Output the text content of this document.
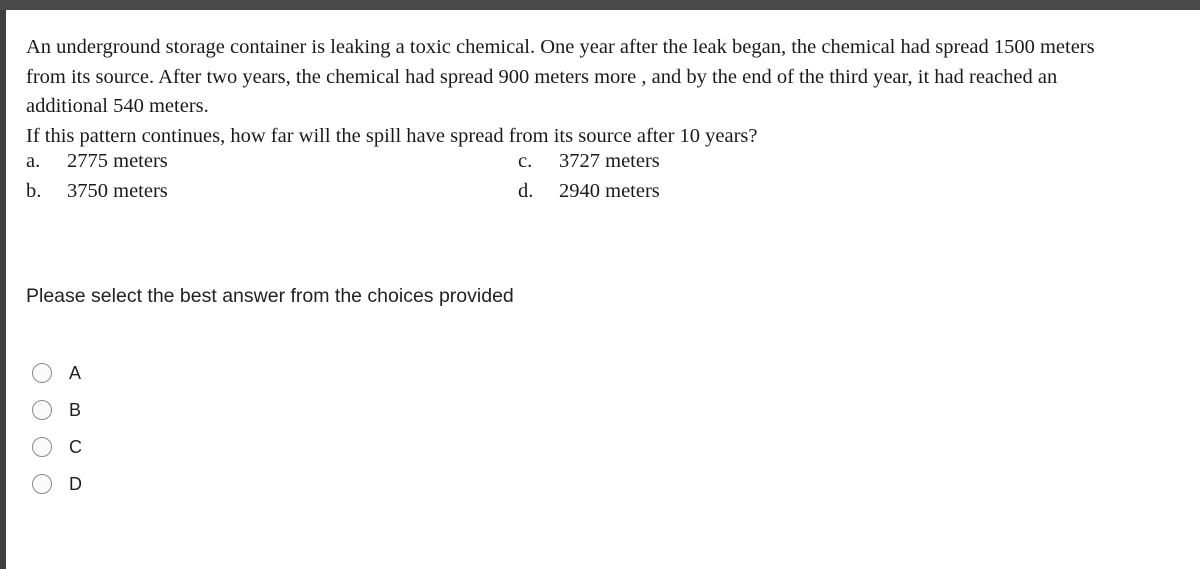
An underground storage container is leaking a toxic chemical. One year after the leak began, the chemical had spread 1500 meters

from its source. After two years, the chemical had spread 900 meters more , and by the end of the third year, it had reached an

additional 540 meters.

If this pattern continues, how far will the spill have spread from its source after 10 years?

a. 2775 meters
b. 3750 meters
c. 3727 meters
d. 2940 meters
Please select the best answer from the choices provided
A
B
C
D
